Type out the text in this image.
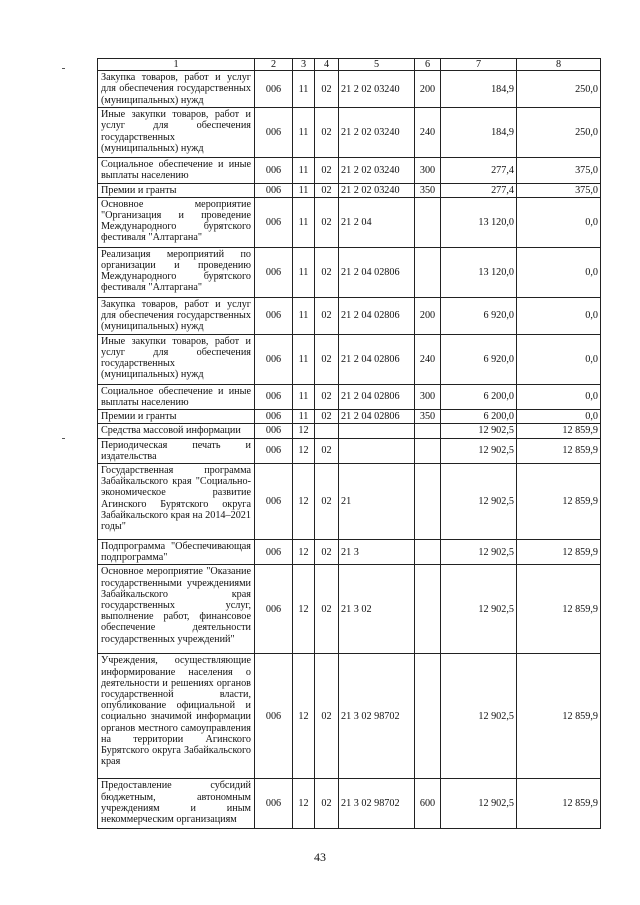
1	2	3	4	5	6	7	8
Закупка товаров, работ и услуг для обеспечения государственных (муниципальных) нужд	006	11	02	21 2 02 03240	200	184,9	250,0
Иные закупки товаров, работ и услуг для обеспечения государственных (муниципальных) нужд	006	11	02	21 2 02 03240	240	184,9	250,0
Социальное обеспечение и иные выплаты населению	006	11	02	21 2 02 03240	300	277,4	375,0
Премии и гранты	006	11	02	21 2 02 03240	350	277,4	375,0
Основное мероприятие "Организация и проведение Международного бурятского фестиваля "Алтаргана"	006	11	02	21 2 04		13 120,0	0,0
Реализация мероприятий по организации и проведению Международного бурятского фестиваля "Алтаргана"	006	11	02	21 2 04 02806		13 120,0	0,0
Закупка товаров, работ и услуг для обеспечения государственных (муниципальных) нужд	006	11	02	21 2 04 02806	200	6 920,0	0,0
Иные закупки товаров, работ и услуг для обеспечения государственных (муниципальных) нужд	006	11	02	21 2 04 02806	240	6 920,0	0,0
Социальное обеспечение и иные выплаты населению	006	11	02	21 2 04 02806	300	6 200,0	0,0
Премии и гранты	006	11	02	21 2 04 02806	350	6 200,0	0,0
Средства массовой информации	006	12				12 902,5	12 859,9
Периодическая печать и издательства	006	12	02			12 902,5	12 859,9
Государственная программа Забайкальского края "Социально-экономическое развитие Агинского Бурятского округа Забайкальского края на 2014–2021 годы"	006	12	02	21		12 902,5	12 859,9
Подпрограмма "Обеспечивающая подпрограмма"	006	12	02	21 3		12 902,5	12 859,9
Основное мероприятие "Оказание государственными учреждениями Забайкальского края государственных услуг, выполнение работ, финансовое обеспечение деятельности государственных учреждений"	006	12	02	21 3 02		12 902,5	12 859,9
Учреждения, осуществляющие информирование населения о деятельности и решениях органов государственной власти, опубликование официальной и социально значимой информации органов местного самоуправления на территории Агинского Бурятского округа Забайкальского края	006	12	02	21 3 02 98702		12 902,5	12 859,9
Предоставление субсидий бюджетным, автономным учреждениям и иным некоммерческим организациям	006	12	02	21 3 02 98702	600	12 902,5	12 859,9
43
